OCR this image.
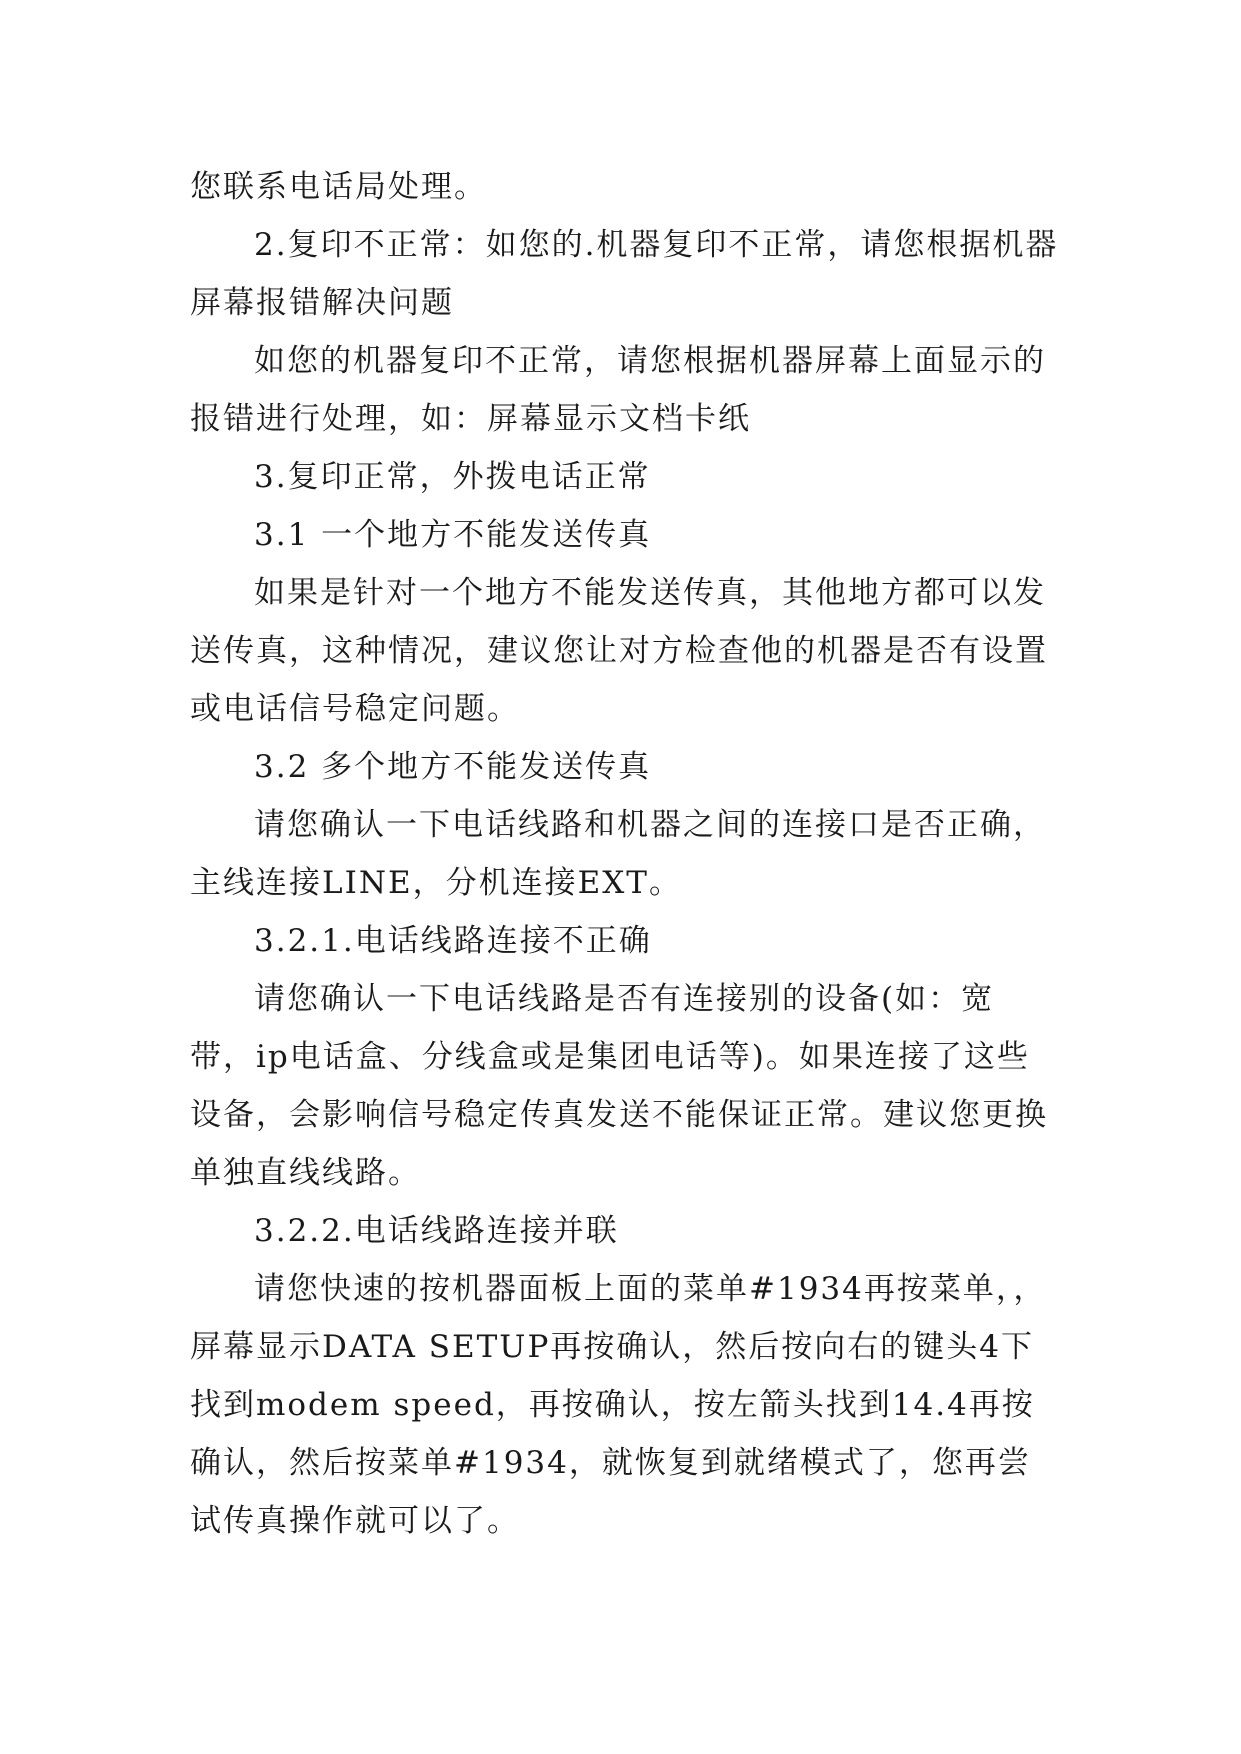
您联系电话局处理。

2.复印不正常：如您的.机器复印不正常，请您根据机器屏幕报错解决问题

如您的机器复印不正常，请您根据机器屏幕上面显示的报错进行处理，如：屏幕显示文档卡纸

3.复印正常，外拨电话正常

3.1 一个地方不能发送传真

如果是针对一个地方不能发送传真，其他地方都可以发送传真，这种情况，建议您让对方检查他的机器是否有设置或电话信号稳定问题。

3.2 多个地方不能发送传真

请您确认一下电话线路和机器之间的连接口是否正确，主线连接LINE，分机连接EXT。

3.2.1.电话线路连接不正确

请您确认一下电话线路是否有连接别的设备(如：宽带，ip电话盒、分线盒或是集团电话等)。如果连接了这些设备，会影响信号稳定传真发送不能保证正常。建议您更换单独直线线路。

3.2.2.电话线路连接并联

请您快速的按机器面板上面的菜单#1934再按菜单，，屏幕显示DATA SETUP再按确认，然后按向右的键头4下找到modem speed，再按确认，按左箭头找到14.4再按确认，然后按菜单#1934，就恢复到就绪模式了，您再尝试传真操作就可以了。
